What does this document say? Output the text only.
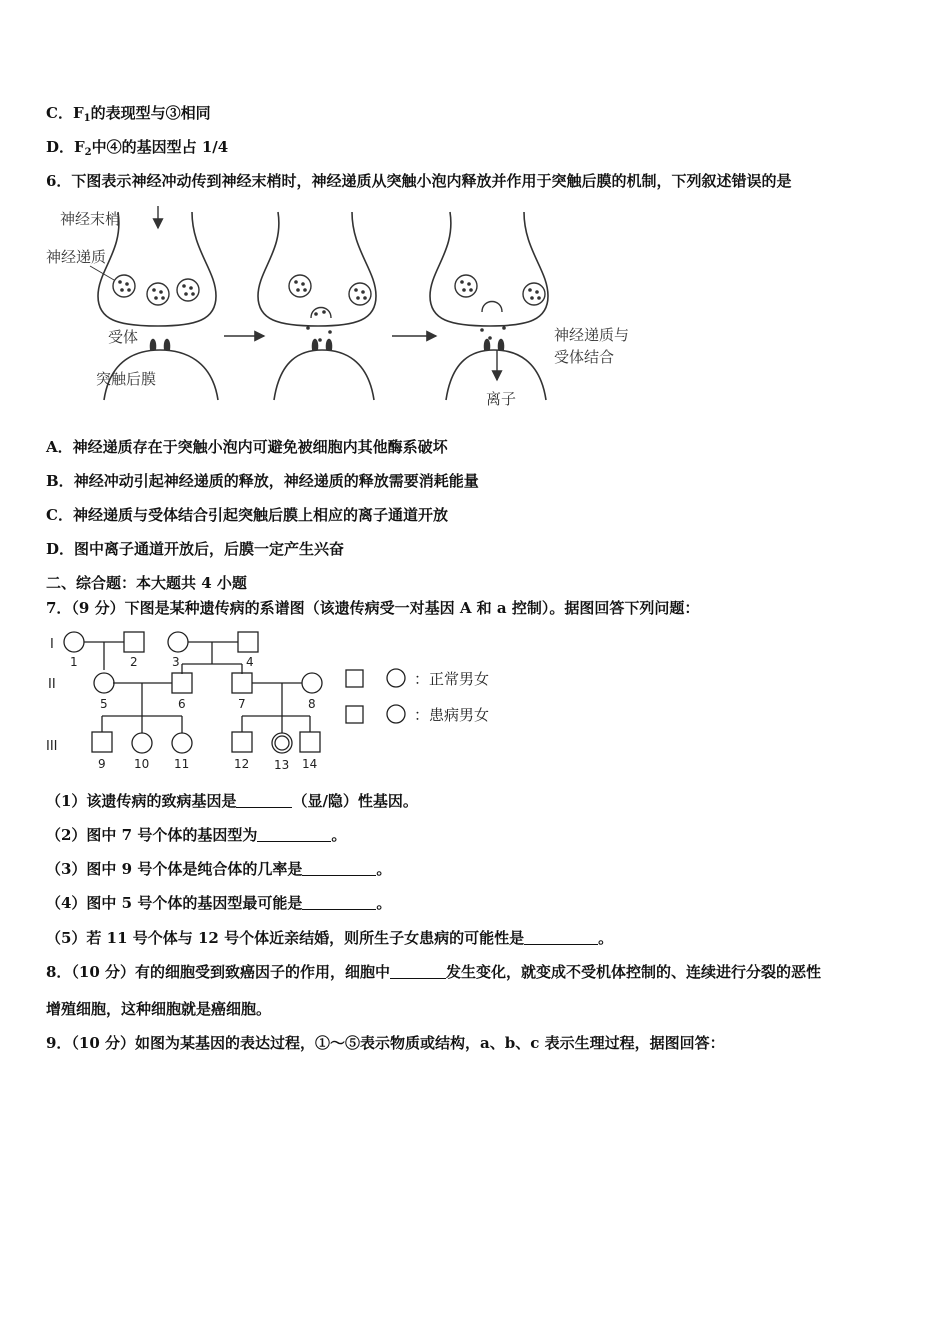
C．$F_1$的表现型与③相同
D．$F_2$中④的基因型占 1/4
6．下图表示神经冲动传到神经末梢时，神经递质从突触小泡内释放并作用于突触后膜的机制，下列叙述错误的是
神经末梢
神经递质
受体
突触后膜
神经递质与
受体结合
离子
A．神经递质存在于突触小泡内可避免被细胞内其他酶系破坏
B．神经冲动引起神经递质的释放，神经递质的释放需要消耗能量
C．神经递质与受体结合引起突触后膜上相应的离子通道开放
D．图中离子通道开放后，后膜一定产生兴奋
二、综合题：本大题共 4 小题
7．（9 分）下图是某种遗传病的系谱图（该遗传病受一对基因 A 和 a 控制）。据图回答下列问题：
I
II
III
1	2	3	4
5	6	7	8
9 10 11	12 13 14
：正常男女
：患病男女
（1）该遗传病的致病基因是	（显/隐）性基因。
（2）图中 7 号个体的基因型为	。
（3）图中 9 号个体是纯合体的几率是	。
（4）图中 5 号个体的基因型最可能是	。
（5）若 11 号个体与 12 号个体近亲结婚，则所生子女患病的可能性是	。
8．（10 分）有的细胞受到致癌因子的作用，细胞中	发生变化，就变成不受机体控制的、连续进行分裂的恶性
增殖细胞，这种细胞就是癌细胞。
9．（10 分）如图为某基因的表达过程，①～⑤表示物质或结构，a、b、c 表示生理过程，据图回答：
